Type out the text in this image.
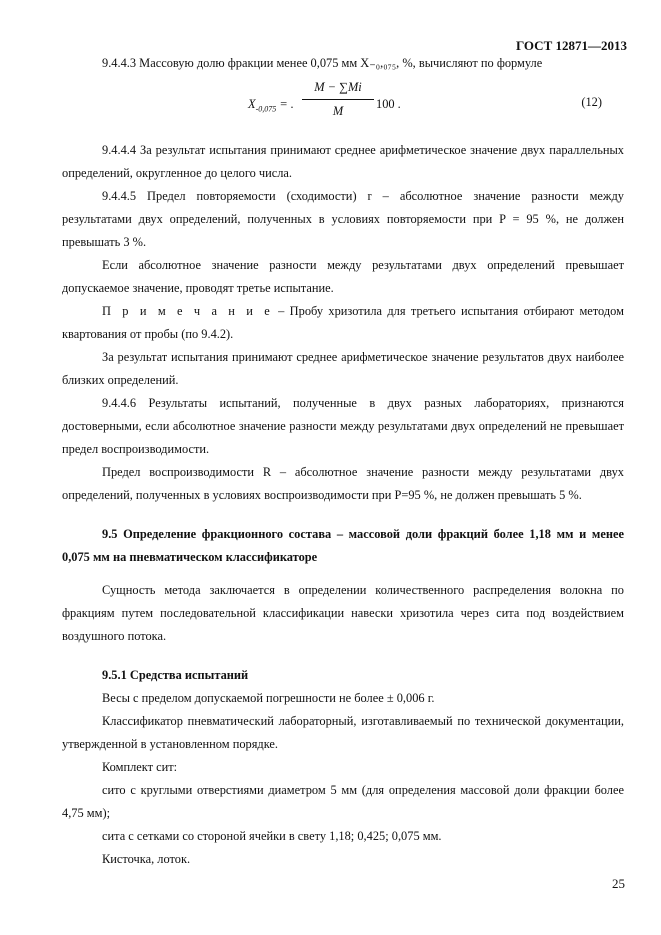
ГОСТ 12871—2013

9.4.4.3 Массовую долю фракции менее 0,075 мм X₋₀,₀₇₅, %, вычисляют по формуле

$X_{-0,075}$ = . $\frac{M - \sum Mi}{M} 100$ .	(12)

9.4.4.4 За результат испытания принимают среднее арифметическое значение двух параллельных определений, округленное до целого числа.

9.4.4.5 Предел повторяемости (сходимости) r – абсолютное значение разности между результатами двух определений, полученных в условиях повторяемости при P = 95 %, не должен превышать 3 %.

Если абсолютное значение разности между результатами двух определений превышает допускаемое значение, проводят третье испытание.

П р и м е ч а н и е – Пробу хризотила для третьего испытания отбирают методом квартования от пробы (по 9.4.2).

За результат испытания принимают среднее арифметическое значение результатов двух наиболее близких определений.

9.4.4.6 Результаты испытаний, полученные в двух разных лабораториях, признаются достоверными, если абсолютное значение разности между результатами двух определений не превышает предел воспроизводимости.

Предел воспроизводимости R – абсолютное значение разности между результатами двух определений, полученных в условиях воспроизводимости при P=95 %, не должен превышать 5 %.

9.5 Определение фракционного состава – массовой доли фракций более 1,18 мм и менее 0,075 мм на пневматическом классификаторе

Сущность метода заключается в определении количественного распределения волокна по фракциям путем последовательной классификации навески хризотила через сита под воздействием воздушного потока.

9.5.1 Средства испытаний

Весы с пределом допускаемой погрешности не более ± 0,006 г.

Классификатор пневматический лабораторный, изготавливаемый по технической документации, утвержденной в установленном порядке.

Комплект сит:

сито с круглыми отверстиями диаметром 5 мм (для определения массовой доли фракции более 4,75 мм);

сита с сетками со стороной ячейки в свету 1,18; 0,425; 0,075 мм.

Кисточка, лоток.

25
